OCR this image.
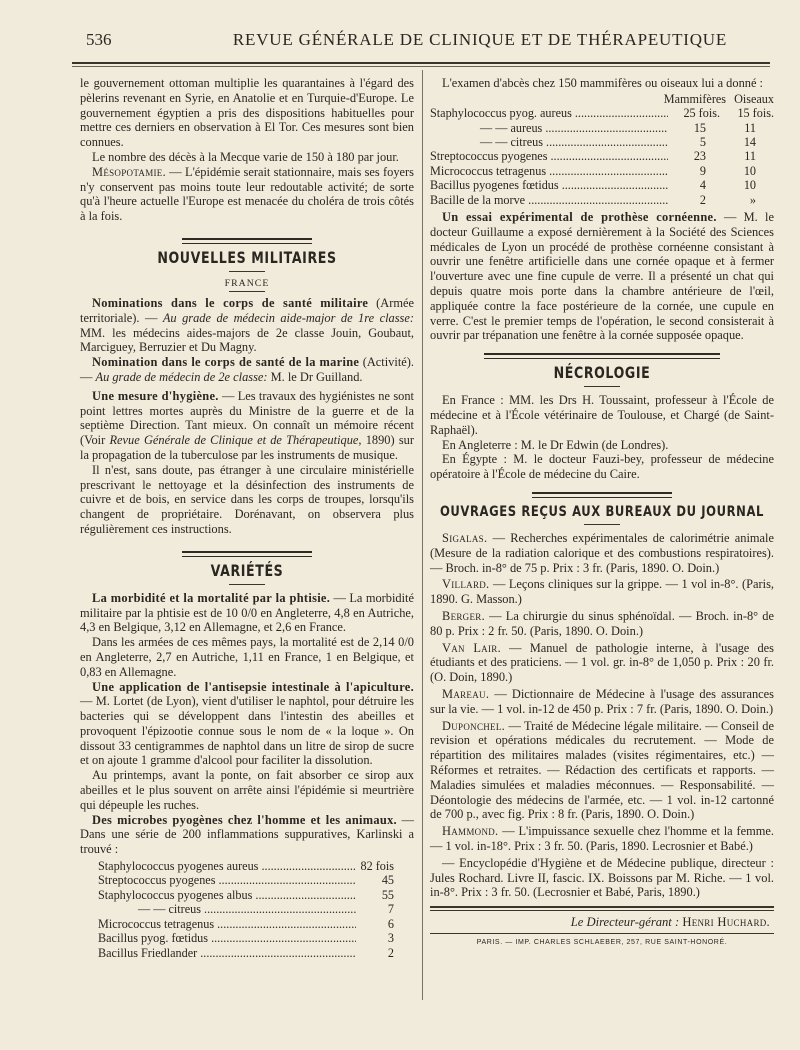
536	REVUE GÉNÉRALE DE CLINIQUE ET DE THÉRAPEUTIQUE

le gouvernement ottoman multiplie les quarantaines à l'égard des pèlerins revenant en Syrie, en Anatolie et en Turquie-d'Europe. Le gouvernement égyptien a pris des dispositions habituelles pour mettre ces derniers en observation à El Tor. Ces mesures sont bien connues.

Le nombre des décès à la Mecque varie de 150 à 180 par jour.

Mésopotamie. — L'épidémie serait stationnaire, mais ses foyers n'y conservent pas moins toute leur redoutable activité; de sorte qu'à l'heure actuelle l'Europe est menacée du choléra de trois côtés à la fois.

NOUVELLES MILITAIRES
FRANCE

Nominations dans le corps de santé militaire (Armée territoriale). — Au grade de médecin aide-major de 1re classe: MM. les médecins aides-majors de 2e classe Jouin, Goubaut, Marciguey, Berruzier et Du Magny.

Nomination dans le corps de santé de la marine (Activité). — Au grade de médecin de 2e classe: M. le Dr Guilland.

Une mesure d'hygiène. — Les travaux des hygiénistes ne sont point lettres mortes auprès du Ministre de la guerre et de la septième Direction. Tant mieux. On connaît un mémoire récent (Voir Revue Générale de Clinique et de Thérapeutique, 1890) sur la propagation de la tuberculose par les instruments de musique.

Il n'est, sans doute, pas étranger à une circulaire ministérielle prescrivant le nettoyage et la désinfection des instruments de cuivre et de bois, en service dans les corps de troupes, lorsqu'ils changent de propriétaire. Dorénavant, on observera plus régulièrement ces instructions.

VARIÉTÉS

La morbidité et la mortalité par la phtisie. — La morbidité militaire par la phtisie est de 10 0/0 en Angleterre, 4,8 en Autriche, 4,3 en Belgique, 3,12 en Allemagne, et 2,6 en France.

Dans les armées de ces mêmes pays, la mortalité est de 2,14 0/0 en Angleterre, 2,7 en Autriche, 1,11 en France, 1 en Belgique, et 0,83 en Allemagne.

Une application de l'antisepsie intestinale à l'apiculture. — M. Lortet (de Lyon), vient d'utiliser le naphtol, pour détruire les bacteries qui se développent dans l'intestin des abeilles et provoquent l'épizootie connue sous le nom de « la loque ». On dissout 33 centigrammes de naphtol dans un litre de sirop de sucre et on ajoute 1 gramme d'alcool pour faciliter la dissolution.

Au printemps, avant la ponte, on fait absorber ce sirop aux abeilles et le plus souvent on arrête ainsi l'épidémie si meurtrière qui dépeuple les ruches.

Des microbes pyogènes chez l'homme et les animaux. — Dans une série de 200 inflammations suppuratives, Karlinski a trouvé :

Staphylococcus pyogenes aureus .....	82 fois
Streptococcus pyogenes .....	45
Staphylococcus pyogenes albus .....	55
— — citreus .....	7
Micrococcus tetragenus .....	6
Bacillus pyog. fœtidus .....	3
Bacillus Friedlander .....	2

L'examen d'abcès chez 150 mammifères ou oiseaux lui a donné :

Mammifères Oiseaux
Staphylococcus pyog. aureus .....	25 fois.	15 fois.
— — aureus .....	15	11
— — citreus .....	5	14
Streptococcus pyogenes .....	23	11
Micrococcus tetragenus .....	9	10
Bacillus pyogenes fœtidus .....	4	10
Bacille de la morve .....	2	»

Un essai expérimental de prothèse cornéenne. — M. le docteur Guillaume a exposé dernièrement à la Société des Sciences médicales de Lyon un procédé de prothèse cornéenne consistant à ouvrir une fenêtre artificielle dans une cornée opaque et à fermer l'ouverture avec une fine cupule de verre. Il a présenté un chat qui depuis quatre mois porte dans la chambre antérieure de l'œil, appliquée contre la face postérieure de la cornée, une cupule en verre. C'est le premier temps de l'opération, le second consisterait à ouvrir par trépanation une fenêtre à la cornée supposée opaque.

NÉCROLOGIE

En France : MM. les Drs H. Toussaint, professeur à l'École de médecine et à l'École vétérinaire de Toulouse, et Chargé (de Saint-Raphaël).

En Angleterre : M. le Dr Edwin (de Londres).

En Égypte : M. le docteur Fauzi-bey, professeur de médecine opératoire à l'École de médecine du Caire.

OUVRAGES REÇUS AUX BUREAUX DU JOURNAL

Sigalas. — Recherches expérimentales de calorimétrie animale (Mesure de la radiation calorique et des combustions respiratoires). — Broch. in-8° de 75 p. Prix : 3 fr. (Paris, 1890. O. Doin.)

Villard. — Leçons cliniques sur la grippe. — 1 vol in-8°. (Paris, 1890. G. Masson.)

Berger. — La chirurgie du sinus sphénoïdal. — Broch. in-8° de 80 p. Prix : 2 fr. 50. (Paris, 1890. O. Doin.)

Van Lair. — Manuel de pathologie interne, à l'usage des étudiants et des praticiens. — 1 vol. gr. in-8° de 1,050 p. Prix : 20 fr. (O. Doin, 1890.)

Mareau. — Dictionnaire de Médecine à l'usage des assurances sur la vie. — 1 vol. in-12 de 450 p. Prix : 7 fr. (Paris, 1890. O. Doin.)

Duponchel. — Traité de Médecine légale militaire. — Conseil de revision et opérations médicales du recrutement. — Mode de répartition des militaires malades (visites régimentaires, etc.) — Réformes et retraites. — Rédaction des certificats et rapports. — Maladies simulées et maladies méconnues. — Responsabilité. — Déontologie des médecins de l'armée, etc. — 1 vol. in-12 cartonné de 700 p., avec fig. Prix : 8 fr. (Paris, 1890. O. Doin.)

Hammond. — L'impuissance sexuelle chez l'homme et la femme. — 1 vol. in-18°. Prix : 3 fr. 50. (Paris, 1890. Lecrosnier et Babé.)

— Encyclopédie d'Hygiène et de Médecine publique, directeur : Jules Rochard. Livre II, fascic. IX. Boissons par M. Riche. — 1 vol. in-8°. Prix : 3 fr. 50. (Lecrosnier et Babé, Paris, 1890.)

Le Directeur-gérant : Henri Huchard.
PARIS. — IMP. CHARLES SCHLAEBER, 257, RUE SAINT-HONORÉ.
